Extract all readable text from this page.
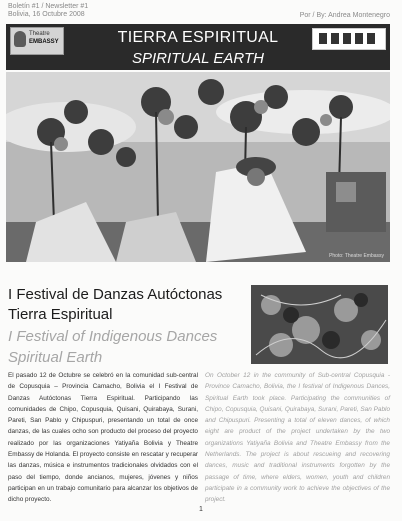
Boletín #1 / Newsletter #1
Bolivia, 16 Octubre 2008	Por / By: Andrea Montenegro
Theatre
EMBASSY	TIERRA ESPIRITUAL
SPIRITUAL EARTH
Photo: Theatre Embassy
I Festival de Danzas Autóctonas
Tierra Espiritual
I Festival of Indigenous Dances
Spiritual Earth
El pasado 12 de Octubre se celebró en la comunidad sub-central de Copusquia – Provincia Camacho, Bolivia el I Festival de Danzas Autóctonas Tierra Espiritual. Participando las comunidades de Chipo, Copusquia, Quisani, Quirabaya, Surani, Pareti, San Pablo y Chipuspuri, presentando un total de once danzas, de las cuales ocho son producto del proceso del proyecto realizado por las organizaciones Yatiyaña Bolivia y Theatre Embassy de Holanda. El proyecto consiste en rescatar y recuperar las danzas, música e instrumentos tradicionales olvidados con el paso del tiempo, donde ancianos, mujeres, jóvenes y niños participan en un trabajo comunitario para alcanzar los objetivos de dicho proyecto.
On October 12 in the community of Sub-central Copusquia - Province Camacho, Bolivia, the I festival of Indigenous Dances, Spiritual Earth took place. Participating the communities of Chipo, Copusquia, Quisani, Quirabaya, Surani, Pareti, San Pablo and Chipuspuri. Presenting a total of eleven dances, of which eight are product of the project undertaken by the two organizations Yatiyaña Bolivia and Theatre Embassy from the Netherlands. The project is about rescueing and recovering dances, music and traditional instruments forgotten by the passage of time, where elders, women, youth and children participate in a community work to achieve the objectives of the project.
1
